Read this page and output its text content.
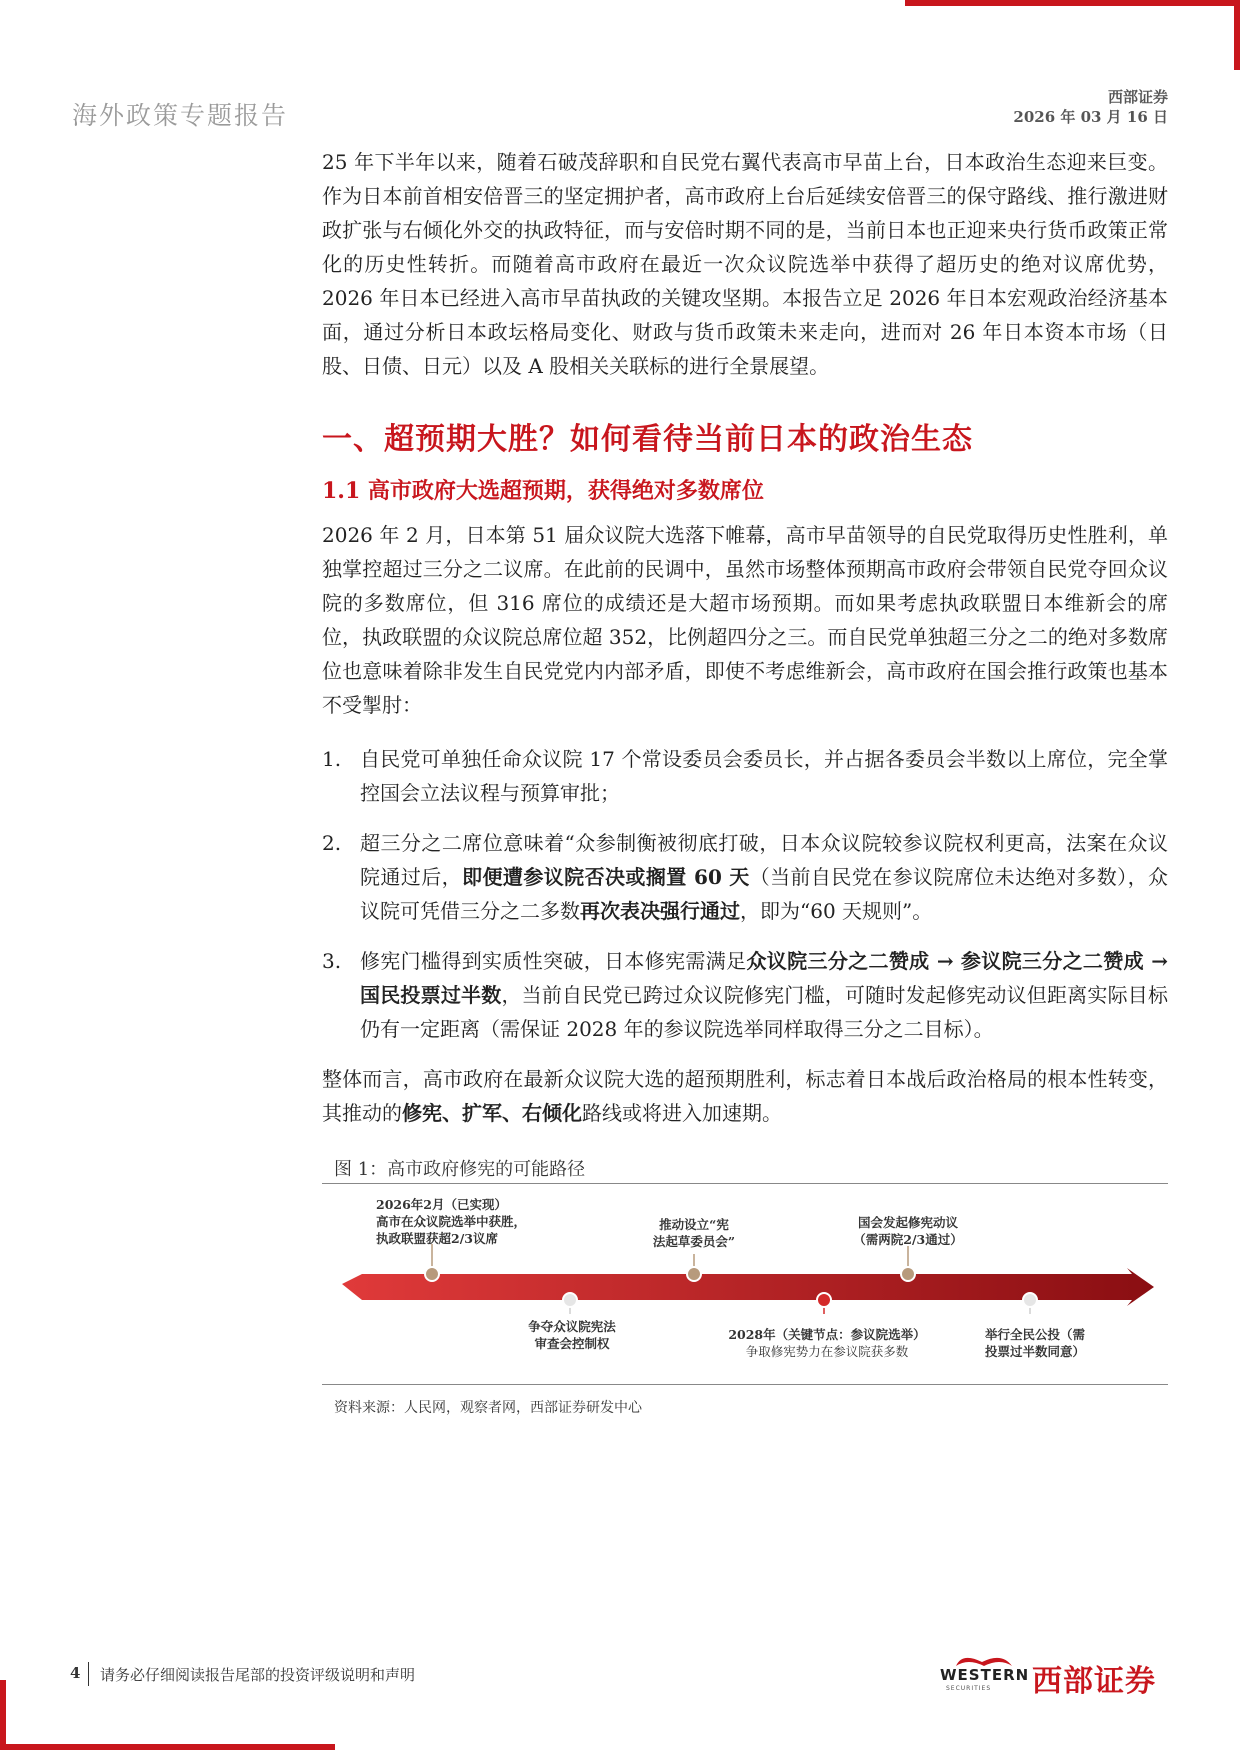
海外政策专题报告
西部证券
2026 年 03 月 16 日
25 年下半年以来，随着石破茂辞职和自民党右翼代表高市早苗上台，日本政治生态迎来巨变。作为日本前首相安倍晋三的坚定拥护者，高市政府上台后延续安倍晋三的保守路线、推行激进财政扩张与右倾化外交的执政特征，而与安倍时期不同的是，当前日本也正迎来央行货币政策正常化的历史性转折。而随着高市政府在最近一次众议院选举中获得了超历史的绝对议席优势，2026 年日本已经进入高市早苗执政的关键攻坚期。本报告立足 2026 年日本宏观政治经济基本面，通过分析日本政坛格局变化、财政与货币政策未来走向，进而对 26 年日本资本市场（日股、日债、日元）以及 A 股相关关联标的进行全景展望。
一、超预期大胜？如何看待当前日本的政治生态
1.1 高市政府大选超预期，获得绝对多数席位
2026 年 2 月，日本第 51 届众议院大选落下帷幕，高市早苗领导的自民党取得历史性胜利，单独掌控超过三分之二议席。在此前的民调中，虽然市场整体预期高市政府会带领自民党夺回众议院的多数席位，但 316 席位的成绩还是大超市场预期。而如果考虑执政联盟日本维新会的席位，执政联盟的众议院总席位超 352，比例超四分之三。而自民党单独超三分之二的绝对多数席位也意味着除非发生自民党党内内部矛盾，即使不考虑维新会，高市政府在国会推行政策也基本不受掣肘：
1. 自民党可单独任命众议院 17 个常设委员会委员长，并占据各委员会半数以上席位，完全掌控国会立法议程与预算审批；
2. 超三分之二席位意味着“众参制衡被彻底打破，日本众议院较参议院权利更高，法案在众议院通过后，即便遭参议院否决或搁置 60 天（当前自民党在参议院席位未达绝对多数），众议院可凭借三分之二多数再次表决强行通过，即为“60 天规则”。
3. 修宪门槛得到实质性突破，日本修宪需满足众议院三分之二赞成 → 参议院三分之二赞成 → 国民投票过半数，当前自民党已跨过众议院修宪门槛，可随时发起修宪动议但距离实际目标仍有一定距离（需保证 2028 年的参议院选举同样取得三分之二目标）。
整体而言，高市政府在最新众议院大选的超预期胜利，标志着日本战后政治格局的根本性转变，其推动的修宪、扩军、右倾化路线或将进入加速期。
图 1：高市政府修宪的可能路径
2026年2月（已实现）
高市在众议院选举中获胜，
执政联盟获超2/3议席
争夺众议院宪法
审查会控制权
推动设立“宪
法起草委员会”
2028年（关键节点：参议院选举）
争取修宪势力在参议院获多数
国会发起修宪动议
（需两院2/3通过）
举行全民公投（需
投票过半数同意）
资料来源：人民网，观察者网，西部证券研发中心
4 请务必仔细阅读报告尾部的投资评级说明和声明	WESTERN
SECURITIES 西部证券
